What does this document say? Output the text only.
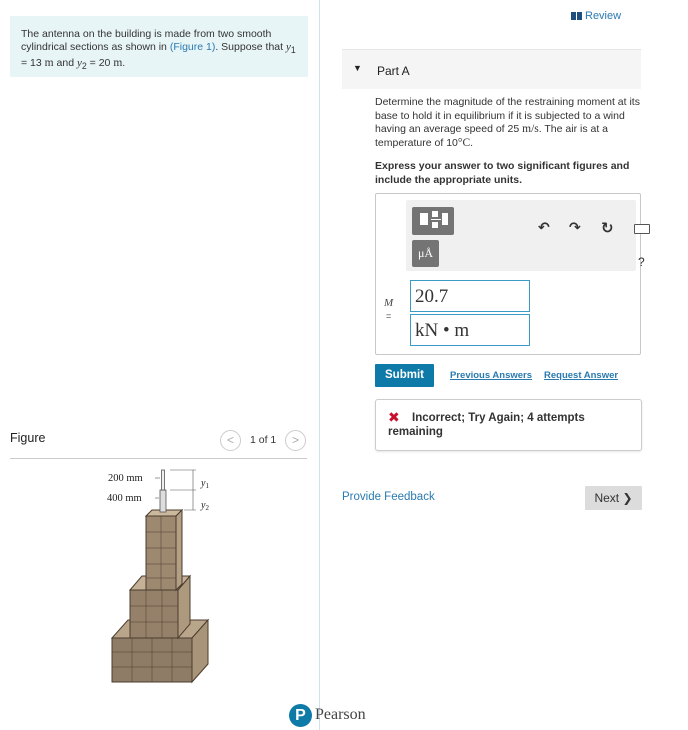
The antenna on the building is made from two smooth cylindrical sections as shown in (Figure 1). Suppose that $y_1 = 13$ m and $y_2 = 20$ m.
Figure	<	1 of 1	>
200 mm
400 mm
$y_1$
$y_2$
Review
▼ Part A
Determine the magnitude of the restraining moment at its base to hold it in equilibrium if it is subjected to a wind having an average speed of 25 m/s. The air is at a temperature of 10°C.
Express your answer to two significant figures and include the appropriate units.
μÅ
↶ ↷ ↻
?
M
=
20.7
kN • m
Submit	Previous Answers Request Answer
✖	Incorrect; Try Again; 4 attempts remaining
Provide Feedback	Next ❯
P Pearson
